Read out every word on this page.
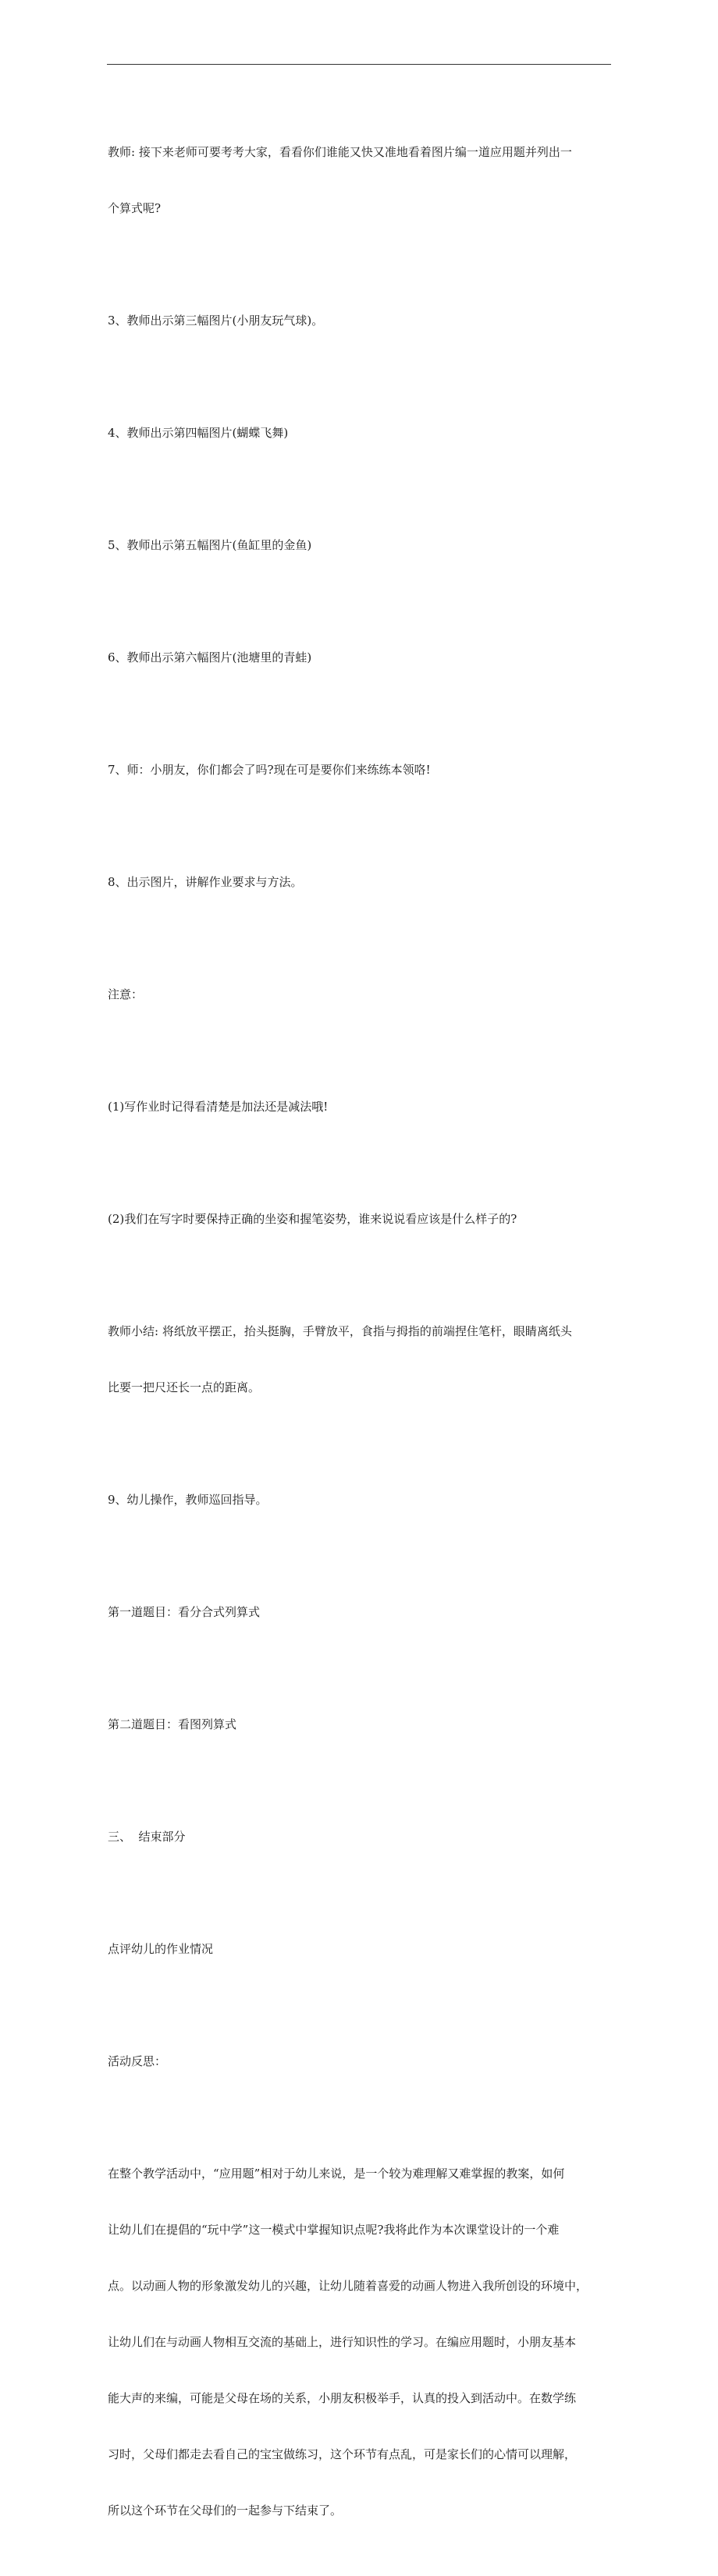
教师: 接下来老师可要考考大家，看看你们谁能又快又准地看着图片编一道应用题并列出一

个算式呢?

3、教师出示第三幅图片(小朋友玩气球)。

4、教师出示第四幅图片(蝴蝶飞舞)

5、教师出示第五幅图片(鱼缸里的金鱼)

6、教师出示第六幅图片(池塘里的青蛙)

7、师：小朋友，你们都会了吗?现在可是要你们来练练本领咯!

8、出示图片，讲解作业要求与方法。

注意：

(1)写作业时记得看清楚是加法还是减法哦!

(2)我们在写字时要保持正确的坐姿和握笔姿势，谁来说说看应该是什么样子的?

教师小结: 将纸放平摆正，抬头挺胸，手臂放平，食指与拇指的前端捏住笔杆，眼睛离纸头

比要一把尺还长一点的距离。

9、幼儿操作，教师巡回指导。

第一道题目：看分合式列算式

第二道题目：看图列算式

三、  结束部分

点评幼儿的作业情况

活动反思：

在整个教学活动中，“应用题”相对于幼儿来说，是一个较为难理解又难掌握的教案，如何

让幼儿们在提倡的“玩中学”这一模式中掌握知识点呢?我将此作为本次课堂设计的一个难

点。以动画人物的形象激发幼儿的兴趣，让幼儿随着喜爱的动画人物进入我所创设的环境中，

让幼儿们在与动画人物相互交流的基础上，进行知识性的学习。在编应用题时，小朋友基本

能大声的来编，可能是父母在场的关系，小朋友积极举手，认真的投入到活动中。在数学练

习时，父母们都走去看自己的宝宝做练习，这个环节有点乱，可是家长们的心情可以理解，

所以这个环节在父母们的一起参与下结束了。
